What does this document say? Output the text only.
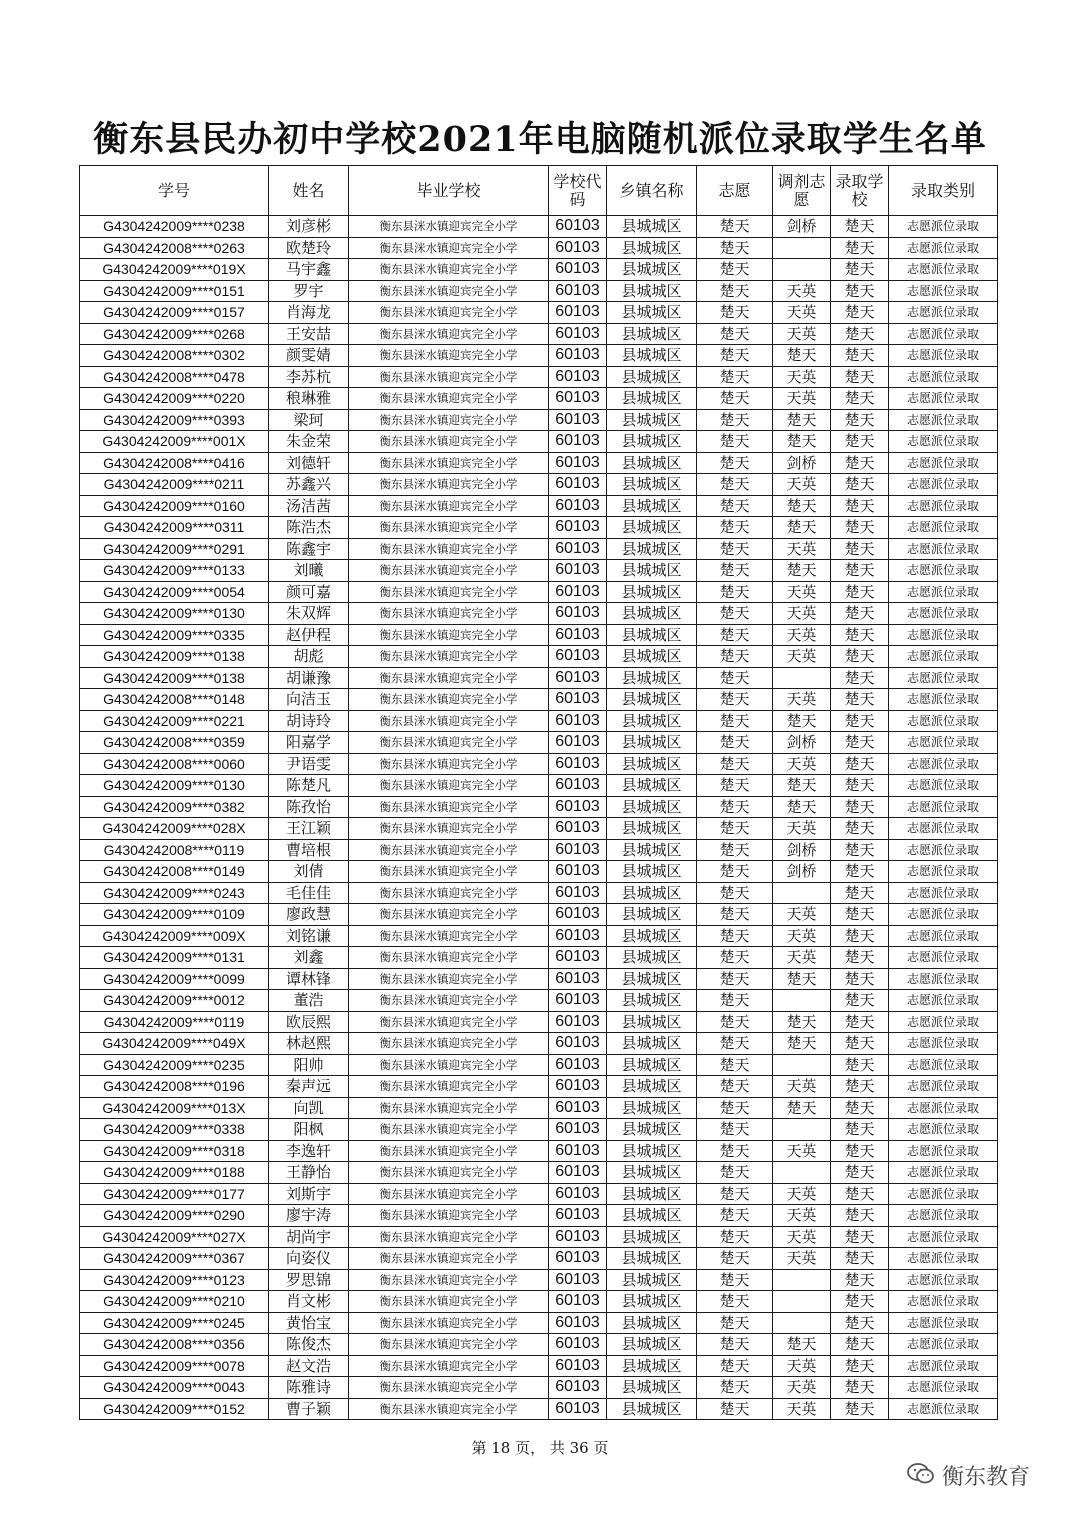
衡东县民办初中学校2021年电脑随机派位录取学生名单
学号	姓名	毕业学校	学校代码	乡镇名称	志愿	调剂志愿	录取学校	录取类别
G4304242009****0238	刘彦彬	衡东县洣水镇迎宾完全小学	60103	县城城区	楚天	剑桥	楚天	志愿派位录取
G4304242008****0263	欧楚玲	衡东县洣水镇迎宾完全小学	60103	县城城区	楚天		楚天	志愿派位录取
G4304242009****019X	马宇鑫	衡东县洣水镇迎宾完全小学	60103	县城城区	楚天		楚天	志愿派位录取
G4304242009****0151	罗宇	衡东县洣水镇迎宾完全小学	60103	县城城区	楚天	天英	楚天	志愿派位录取
G4304242009****0157	肖海龙	衡东县洣水镇迎宾完全小学	60103	县城城区	楚天	天英	楚天	志愿派位录取
G4304242009****0268	王安喆	衡东县洣水镇迎宾完全小学	60103	县城城区	楚天	天英	楚天	志愿派位录取
G4304242008****0302	颜雯婧	衡东县洣水镇迎宾完全小学	60103	县城城区	楚天	楚天	楚天	志愿派位录取
G4304242008****0478	李苏杭	衡东县洣水镇迎宾完全小学	60103	县城城区	楚天	天英	楚天	志愿派位录取
G4304242009****0220	稂琳雅	衡东县洣水镇迎宾完全小学	60103	县城城区	楚天	天英	楚天	志愿派位录取
G4304242009****0393	梁珂	衡东县洣水镇迎宾完全小学	60103	县城城区	楚天	楚天	楚天	志愿派位录取
G4304242009****001X	朱金荣	衡东县洣水镇迎宾完全小学	60103	县城城区	楚天	楚天	楚天	志愿派位录取
G4304242008****0416	刘德轩	衡东县洣水镇迎宾完全小学	60103	县城城区	楚天	剑桥	楚天	志愿派位录取
G4304242009****0211	苏鑫兴	衡东县洣水镇迎宾完全小学	60103	县城城区	楚天	天英	楚天	志愿派位录取
G4304242009****0160	汤洁茜	衡东县洣水镇迎宾完全小学	60103	县城城区	楚天	楚天	楚天	志愿派位录取
G4304242009****0311	陈浩杰	衡东县洣水镇迎宾完全小学	60103	县城城区	楚天	楚天	楚天	志愿派位录取
G4304242009****0291	陈鑫宇	衡东县洣水镇迎宾完全小学	60103	县城城区	楚天	天英	楚天	志愿派位录取
G4304242009****0133	刘曦	衡东县洣水镇迎宾完全小学	60103	县城城区	楚天	楚天	楚天	志愿派位录取
G4304242009****0054	颜可嘉	衡东县洣水镇迎宾完全小学	60103	县城城区	楚天	天英	楚天	志愿派位录取
G4304242009****0130	朱双辉	衡东县洣水镇迎宾完全小学	60103	县城城区	楚天	天英	楚天	志愿派位录取
G4304242009****0335	赵伊程	衡东县洣水镇迎宾完全小学	60103	县城城区	楚天	天英	楚天	志愿派位录取
G4304242009****0138	胡彪	衡东县洣水镇迎宾完全小学	60103	县城城区	楚天	天英	楚天	志愿派位录取
G4304242009****0138	胡谦豫	衡东县洣水镇迎宾完全小学	60103	县城城区	楚天		楚天	志愿派位录取
G4304242008****0148	向洁玉	衡东县洣水镇迎宾完全小学	60103	县城城区	楚天	天英	楚天	志愿派位录取
G4304242009****0221	胡诗玲	衡东县洣水镇迎宾完全小学	60103	县城城区	楚天	楚天	楚天	志愿派位录取
G4304242008****0359	阳嘉学	衡东县洣水镇迎宾完全小学	60103	县城城区	楚天	剑桥	楚天	志愿派位录取
G4304242008****0060	尹语雯	衡东县洣水镇迎宾完全小学	60103	县城城区	楚天	天英	楚天	志愿派位录取
G4304242009****0130	陈楚凡	衡东县洣水镇迎宾完全小学	60103	县城城区	楚天	楚天	楚天	志愿派位录取
G4304242009****0382	陈孜怡	衡东县洣水镇迎宾完全小学	60103	县城城区	楚天	楚天	楚天	志愿派位录取
G4304242009****028X	王江颖	衡东县洣水镇迎宾完全小学	60103	县城城区	楚天	天英	楚天	志愿派位录取
G4304242008****0119	曹培根	衡东县洣水镇迎宾完全小学	60103	县城城区	楚天	剑桥	楚天	志愿派位录取
G4304242008****0149	刘倩	衡东县洣水镇迎宾完全小学	60103	县城城区	楚天	剑桥	楚天	志愿派位录取
G4304242009****0243	毛佳佳	衡东县洣水镇迎宾完全小学	60103	县城城区	楚天		楚天	志愿派位录取
G4304242009****0109	廖政慧	衡东县洣水镇迎宾完全小学	60103	县城城区	楚天	天英	楚天	志愿派位录取
G4304242009****009X	刘铭谦	衡东县洣水镇迎宾完全小学	60103	县城城区	楚天	天英	楚天	志愿派位录取
G4304242009****0131	刘鑫	衡东县洣水镇迎宾完全小学	60103	县城城区	楚天	天英	楚天	志愿派位录取
G4304242009****0099	谭林锋	衡东县洣水镇迎宾完全小学	60103	县城城区	楚天	楚天	楚天	志愿派位录取
G4304242009****0012	董浩	衡东县洣水镇迎宾完全小学	60103	县城城区	楚天		楚天	志愿派位录取
G4304242009****0119	欧辰熙	衡东县洣水镇迎宾完全小学	60103	县城城区	楚天	楚天	楚天	志愿派位录取
G4304242009****049X	林赵熙	衡东县洣水镇迎宾完全小学	60103	县城城区	楚天	楚天	楚天	志愿派位录取
G4304242009****0235	阳帅	衡东县洣水镇迎宾完全小学	60103	县城城区	楚天		楚天	志愿派位录取
G4304242008****0196	秦声远	衡东县洣水镇迎宾完全小学	60103	县城城区	楚天	天英	楚天	志愿派位录取
G4304242009****013X	向凯	衡东县洣水镇迎宾完全小学	60103	县城城区	楚天	楚天	楚天	志愿派位录取
G4304242009****0338	阳枫	衡东县洣水镇迎宾完全小学	60103	县城城区	楚天		楚天	志愿派位录取
G4304242009****0318	李逸轩	衡东县洣水镇迎宾完全小学	60103	县城城区	楚天	天英	楚天	志愿派位录取
G4304242009****0188	王静怡	衡东县洣水镇迎宾完全小学	60103	县城城区	楚天		楚天	志愿派位录取
G4304242009****0177	刘斯宇	衡东县洣水镇迎宾完全小学	60103	县城城区	楚天	天英	楚天	志愿派位录取
G4304242009****0290	廖宇涛	衡东县洣水镇迎宾完全小学	60103	县城城区	楚天	天英	楚天	志愿派位录取
G4304242009****027X	胡尚宇	衡东县洣水镇迎宾完全小学	60103	县城城区	楚天	天英	楚天	志愿派位录取
G4304242009****0367	向姿仪	衡东县洣水镇迎宾完全小学	60103	县城城区	楚天	天英	楚天	志愿派位录取
G4304242009****0123	罗思锦	衡东县洣水镇迎宾完全小学	60103	县城城区	楚天		楚天	志愿派位录取
G4304242009****0210	肖文彬	衡东县洣水镇迎宾完全小学	60103	县城城区	楚天		楚天	志愿派位录取
G4304242009****0245	黄怡宝	衡东县洣水镇迎宾完全小学	60103	县城城区	楚天		楚天	志愿派位录取
G4304242008****0356	陈俊杰	衡东县洣水镇迎宾完全小学	60103	县城城区	楚天	楚天	楚天	志愿派位录取
G4304242009****0078	赵文浩	衡东县洣水镇迎宾完全小学	60103	县城城区	楚天	天英	楚天	志愿派位录取
G4304242009****0043	陈雅诗	衡东县洣水镇迎宾完全小学	60103	县城城区	楚天	天英	楚天	志愿派位录取
G4304242009****0152	曹子颖	衡东县洣水镇迎宾完全小学	60103	县城城区	楚天	天英	楚天	志愿派位录取
第 18 页， 共 36 页
衡东教育
